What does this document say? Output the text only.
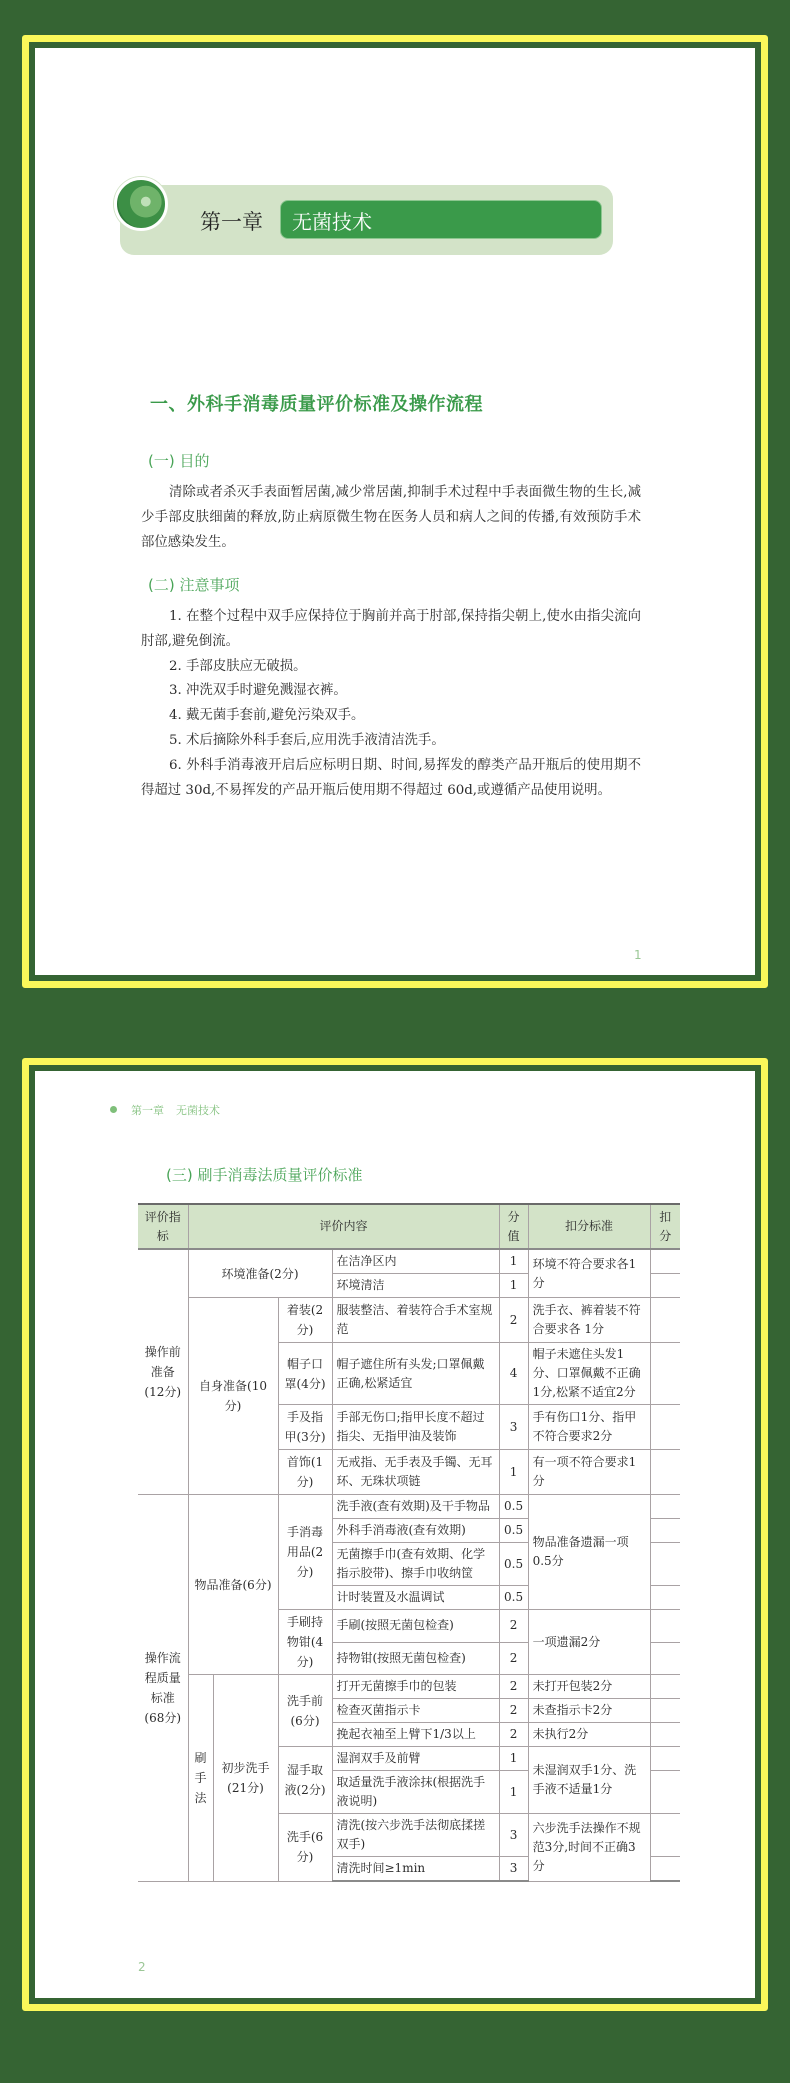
第一章 无菌技术
一、外科手消毒质量评价标准及操作流程
(一) 目的

清除或者杀灭手表面暂居菌,减少常居菌,抑制手术过程中手表面微生物的生长,减少手部皮肤细菌的释放,防止病原微生物在医务人员和病人之间的传播,有效预防手术部位感染发生。

(二) 注意事项

1. 在整个过程中双手应保持位于胸前并高于肘部,保持指尖朝上,使水由指尖流向肘部,避免倒流。

2. 手部皮肤应无破损。

3. 冲洗双手时避免溅湿衣裤。

4. 戴无菌手套前,避免污染双手。

5. 术后摘除外科手套后,应用洗手液清洁洗手。

6. 外科手消毒液开启后应标明日期、时间,易挥发的醇类产品开瓶后的使用期不得超过 30d,不易挥发的产品开瓶后使用期不得超过 60d,或遵循产品使用说明。

1
第一章 无菌技术
(三) 刷手消毒法质量评价标准
评价指标	评价内容				分值	扣分标准	扣分
操作前准备(12分)	环境准备(2分)			在洁净区内	1	环境不符合要求各1分	
				环境清洁	1		
	自身准备(10分)		着装(2分)	服装整洁、着装符合手术室规范	2	洗手衣、裤着装不符合要求各 1分	
			帽子口罩(4分)	帽子遮住所有头发;口罩佩戴正确,松紧适宜	4	帽子未遮住头发1分、口罩佩戴不正确1分,松紧不适宜2分	
			手及指甲(3分)	手部无伤口;指甲长度不超过指尖、无指甲油及装饰	3	手有伤口1分、指甲不符合要求2分	
			首饰(1分)	无戒指、无手表及手镯、无耳环、无珠状项链	1	有一项不符合要求1分	
操作流程质量标准(68分)	物品准备(6分)		手消毒用品(2分)	洗手液(查有效期)及干手物品	0.5	物品准备遗漏一项0.5分	
				外科手消毒液(查有效期)	0.5		
				无菌擦手巾(查有效期、化学指示胶带)、擦手巾收纳筐	0.5		
				计时装置及水温调试	0.5		
			手刷持物钳(4分)	手刷(按照无菌包检查)	2	一项遗漏2分	
				持物钳(按照无菌包检查)	2		
	刷手法	初步洗手(21分)	洗手前(6分)	打开无菌擦手巾的包装	2	未打开包装2分	
				检查灭菌指示卡	2	未查指示卡2分	
				挽起衣袖至上臂下1/3以上	2	未执行2分	
			湿手取液(2分)	湿润双手及前臂	1	未湿润双手1分、洗手液不适量1分	
				取适量洗手液涂抹(根据洗手液说明)	1		
			洗手(6分)	清洗(按六步洗手法彻底揉搓双手)	3	六步洗手法操作不规范3分,时间不正确3分	
				清洗时间≥1min	3		
2
